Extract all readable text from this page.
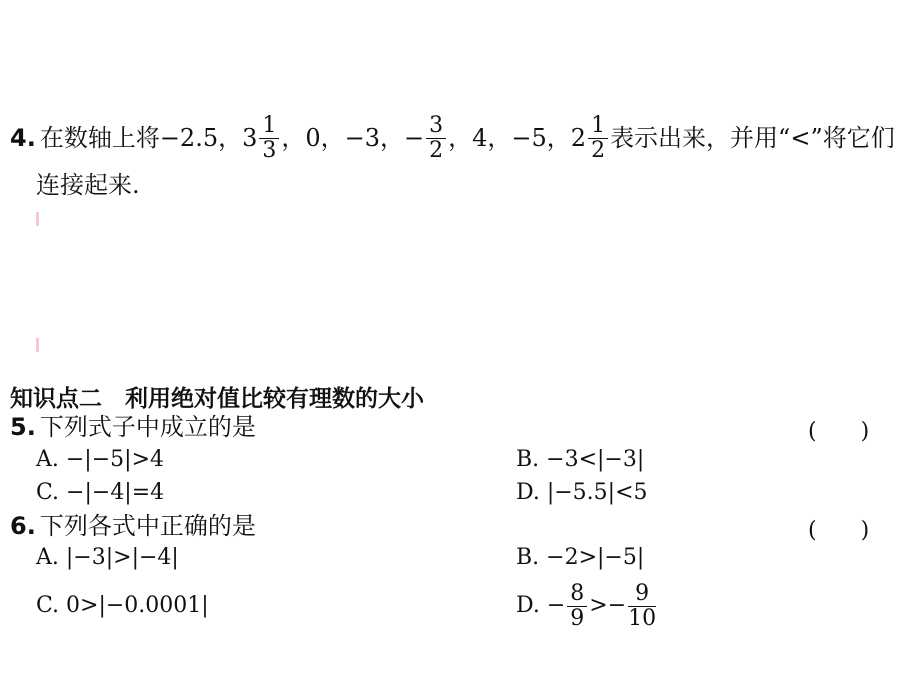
4. 在数轴上将−2.5，$3 \frac{1}{3}$ ，0，−3，− $\frac{3}{2}$ ，4，−5，$2 \frac{1}{2}$ 表示出来，并用“<”将它们
连接起来.
知识点二　利用绝对值比较有理数的大小
5. 下列式子中成立的是	(　　)
A. −|−5|>4	B. −3<|−3|
C. −|−4|=4	D. |−5.5|<5
6. 下列各式中正确的是	(　　)
A. |−3|>|−4|	B. −2>|−5|
C. 0>|−0.0001|	D. − $\frac{8}{9} >- \frac{9}{10}$
